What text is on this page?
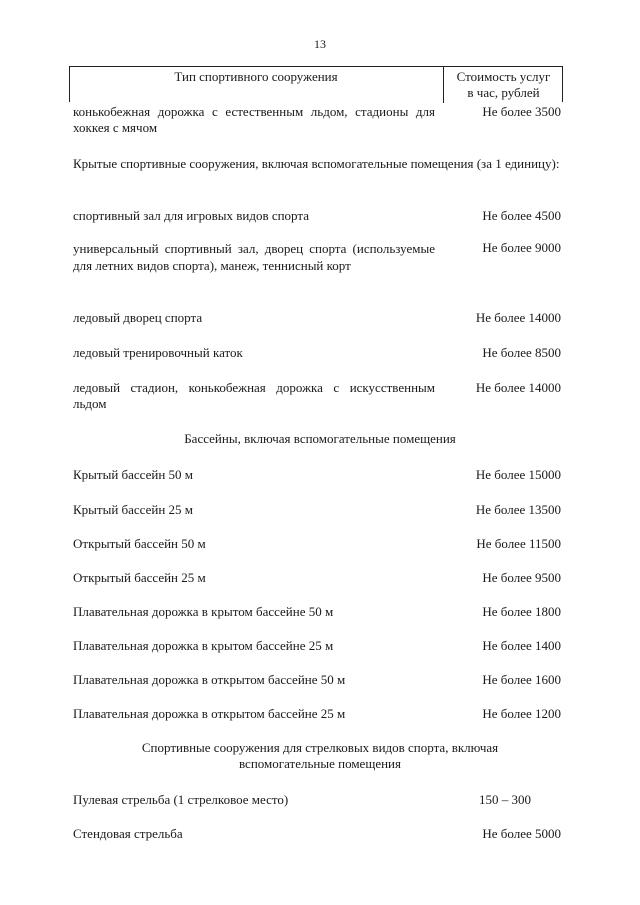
13
Тип спортивного сооружения	Стоимость услуг
в час, рублей
конькобежная дорожка с естественным льдом, стадионы для хоккея с мячом
Не более 3500
Крытые спортивные сооружения, включая вспомогательные помещения (за 1 единицу):
спортивный зал для игровых видов спорта	Не более 4500
универсальный спортивный зал, дворец спорта (используемые для летних видов спорта), манеж, теннисный корт
Не более 9000
ледовый дворец спорта	Не более 14000
ледовый тренировочный каток	Не более 8500
ледовый стадион, конькобежная дорожка с искусственным льдом
Не более 14000
Бассейны, включая вспомогательные помещения
Крытый бассейн 50 м	Не более 15000
Крытый бассейн 25 м	Не более 13500
Открытый бассейн 50 м	Не более 11500
Открытый бассейн 25 м	Не более 9500
Плавательная дорожка в крытом бассейне 50 м	Не более 1800
Плавательная дорожка в крытом бассейне 25 м	Не более 1400
Плавательная дорожка в открытом бассейне 50 м	Не более 1600
Плавательная дорожка в открытом бассейне 25 м	Не более 1200
Спортивные сооружения для стрелковых видов спорта, включая вспомогательные помещения
Пулевая стрельба (1 стрелковое место)	150 – 300
Стендовая стрельба	Не более 5000
